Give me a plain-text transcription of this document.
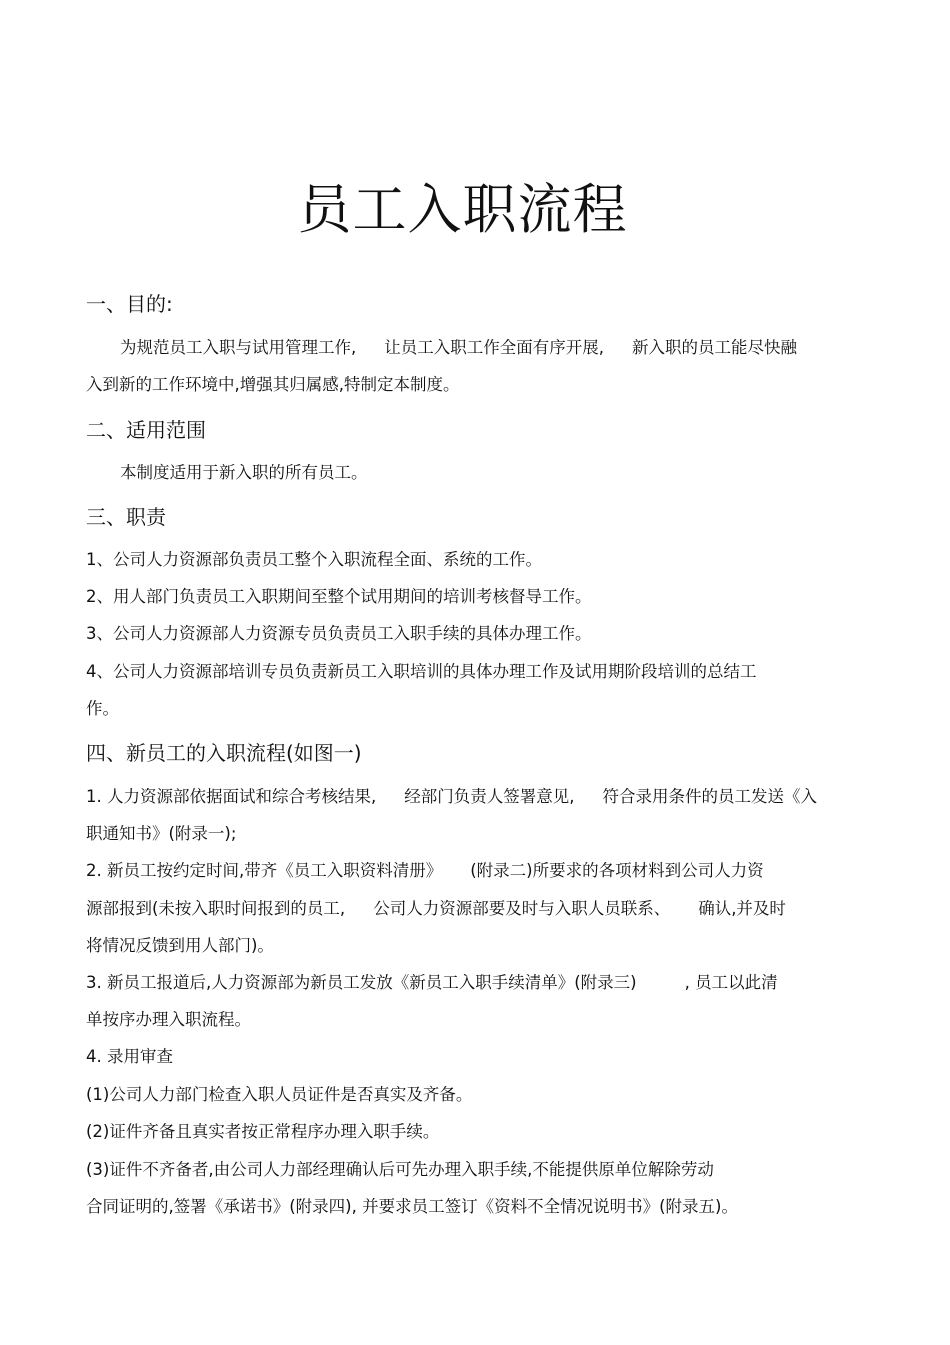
员工入职流程

一、目的:

为规范员工入职与试用管理工作, 让员工入职工作全面有序开展, 新入职的员工能尽快融

入到新的工作环境中,增强其归属感,特制定本制度。

二、适用范围

本制度适用于新入职的所有员工。

三、职责

1、公司人力资源部负责员工整个入职流程全面、系统的工作。

2、用人部门负责员工入职期间至整个试用期间的培训考核督导工作。

3、公司人力资源部人力资源专员负责员工入职手续的具体办理工作。

4、公司人力资源部培训专员负责新员工入职培训的具体办理工作及试用期阶段培训的总结工

作。

四、新员工的入职流程(如图一)

1. 人力资源部依据面试和综合考核结果, 经部门负责人签署意见, 符合录用条件的员工发送《入

职通知书》(附录一);

2. 新员工按约定时间,带齐《员工入职资料清册》 (附录二)所要求的各项材料到公司人力资

源部报到(未按入职时间报到的员工, 公司人力资源部要及时与入职人员联系、 确认,并及时

将情况反馈到用人部门)。

3. 新员工报道后,人力资源部为新员工发放《新员工入职手续清单》(附录三)	, 员工以此清

单按序办理入职流程。

4. 录用审查

(1)公司人力部门检查入职人员证件是否真实及齐备。

(2)证件齐备且真实者按正常程序办理入职手续。

(3)证件不齐备者,由公司人力部经理确认后可先办理入职手续,不能提供原单位解除劳动

合同证明的,签署《承诺书》(附录四), 并要求员工签订《资料不全情况说明书》(附录五)。
